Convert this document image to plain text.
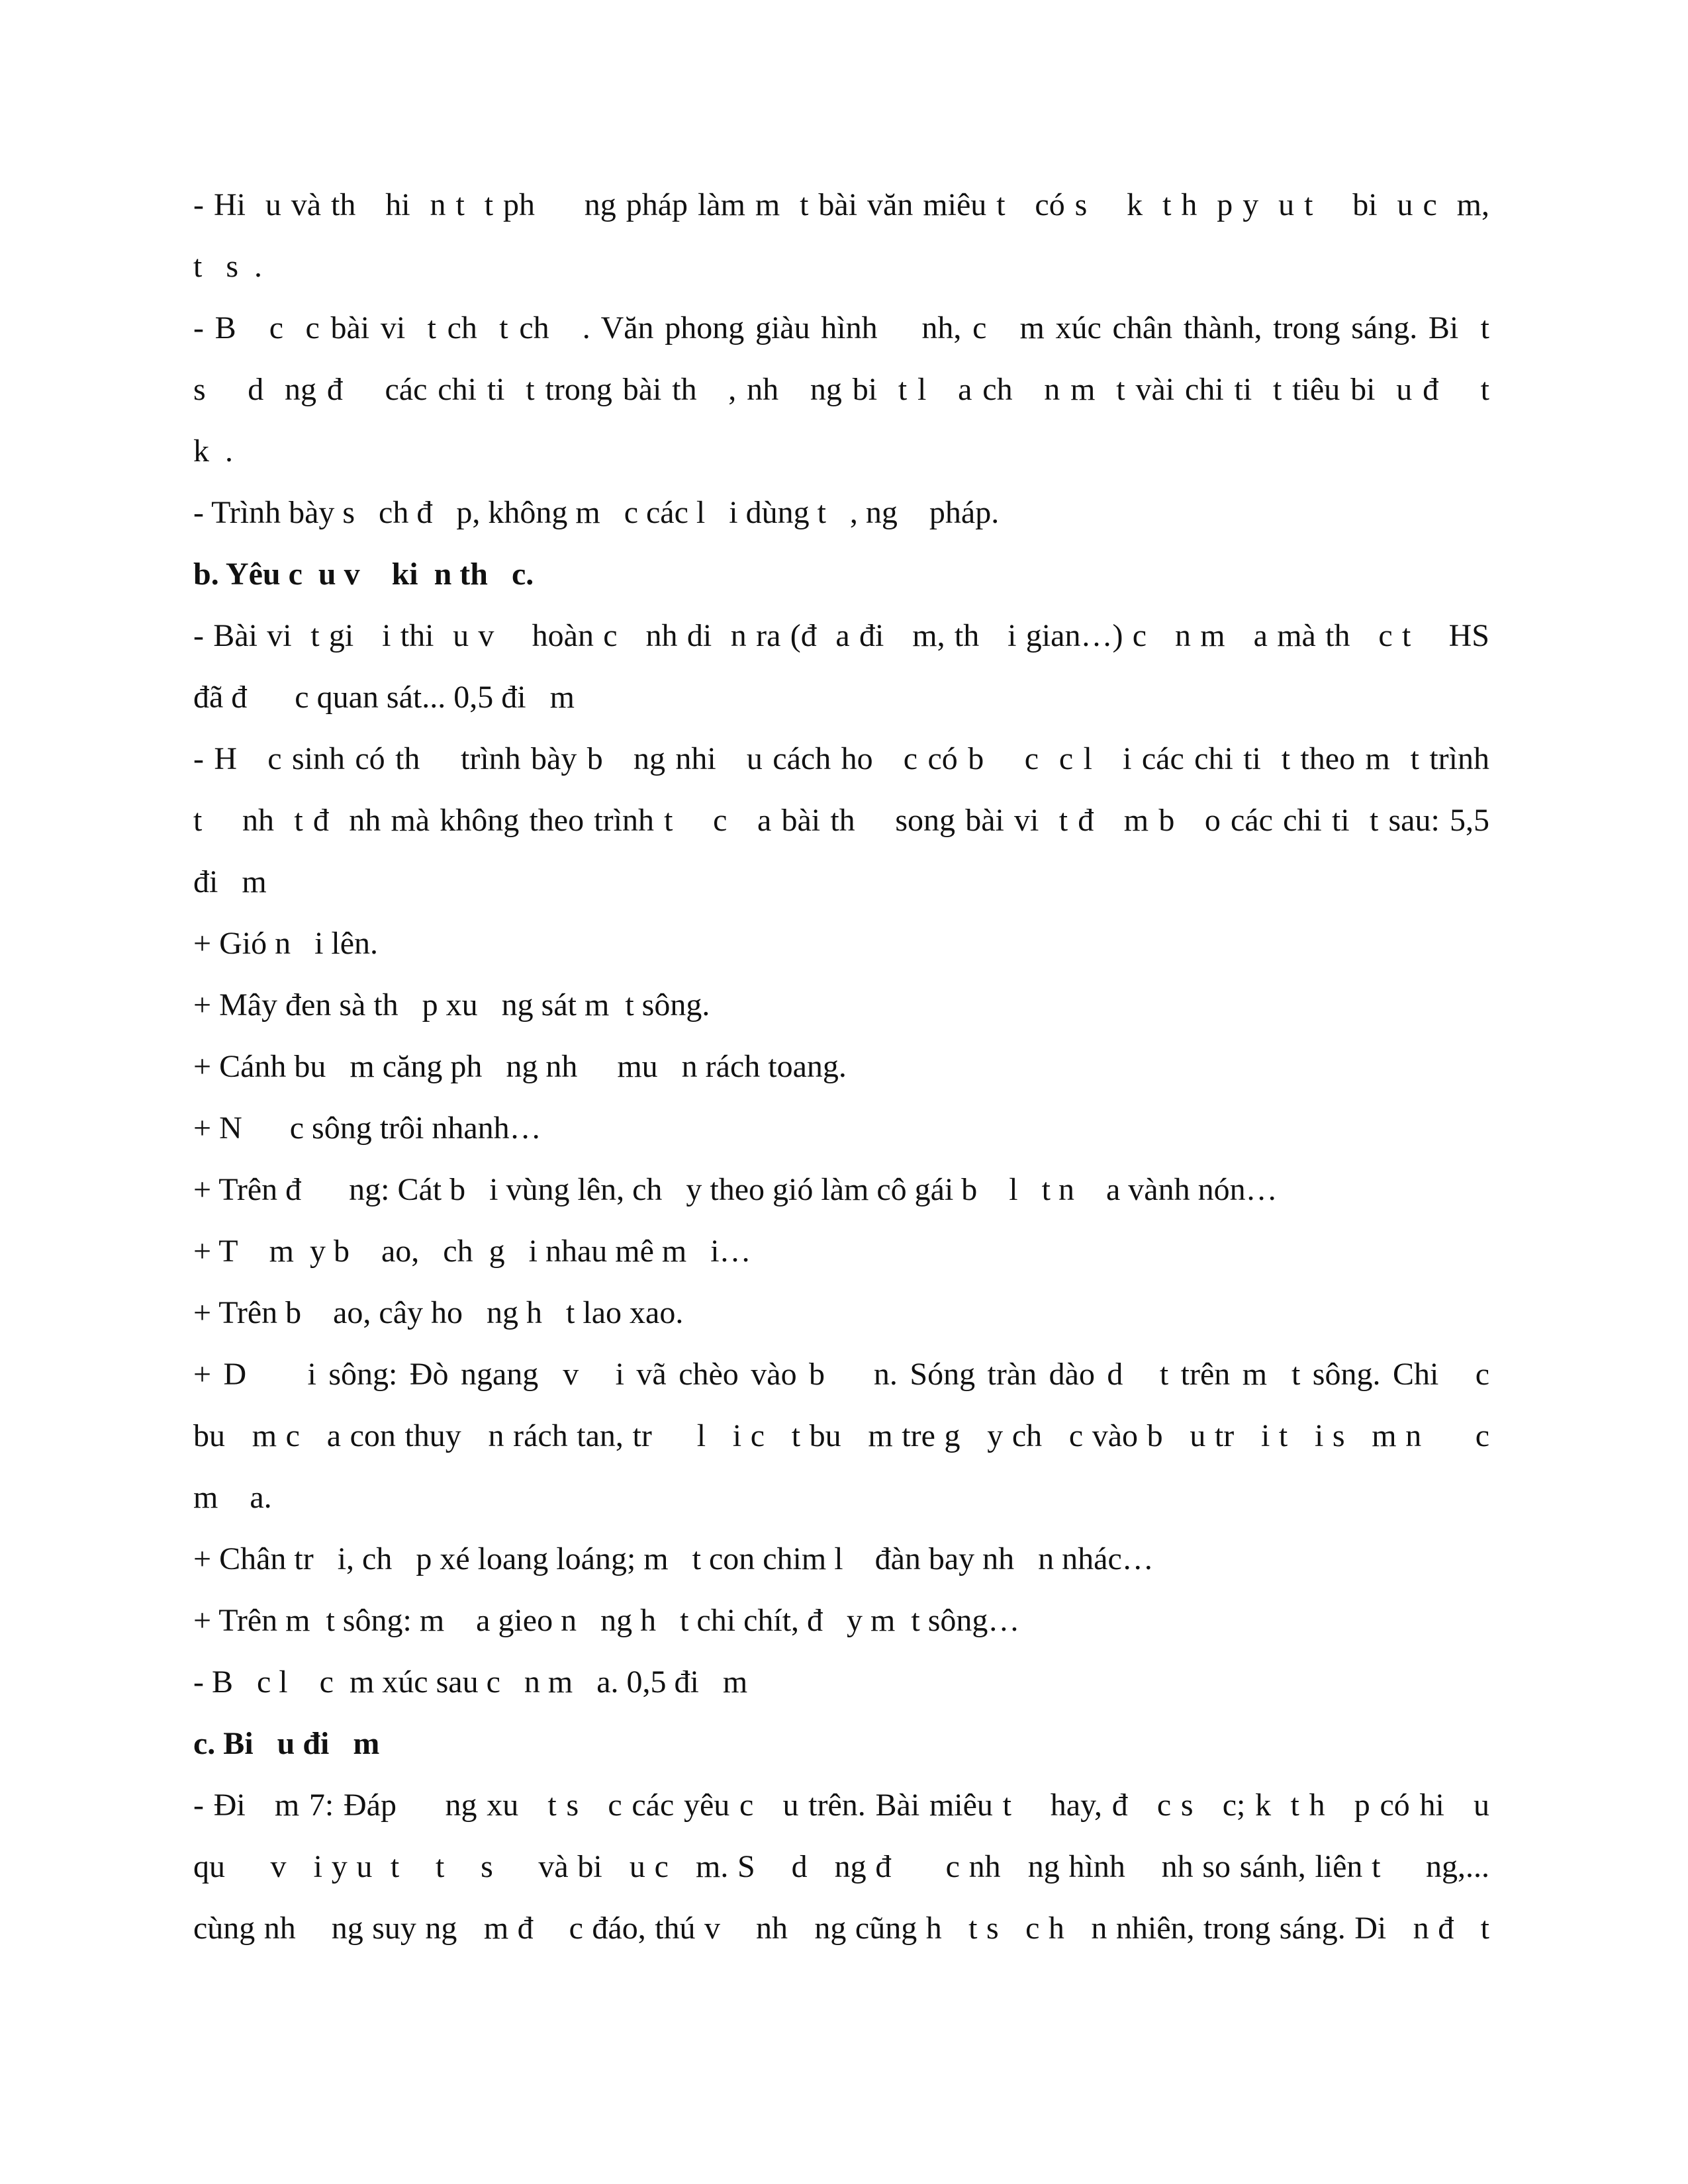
- Hi  u và th   hi  n t  t ph     ng pháp làm m  t bài văn miêu t   có s    k  t h  p y  u t    bi  u c  m,
t   s  .
- B   c  c bài vi  t ch  t ch   . Văn phong giàu hình    nh, c   m xúc chân thành, trong sáng. Bi  t
s    d  ng đ    các chi ti  t trong bài th   , nh   ng bi  t l   a ch   n m  t vài chi ti  t tiêu bi  u đ    t
k  .
- Trình bày s   ch đ   p, không m   c các l   i dùng t   , ng    pháp.
b. Yêu c  u v    ki  n th   c.
- Bài vi  t gi   i thi  u v    hoàn c   nh di  n ra (đ  a đi   m, th   i gian…) c   n m   a mà th   c t    HS
đã đ      c quan sát... 0,5 đi   m
- H   c sinh có th    trình bày b   ng nhi   u cách ho   c có b    c  c l   i các chi ti  t theo m  t trình
t    nh  t đ  nh mà không theo trình t    c   a bài th    song bài vi  t đ   m b   o các chi ti  t sau: 5,5
đi   m
+ Gió n   i lên.
+ Mây đen sà th   p xu   ng sát m  t sông.
+ Cánh bu   m căng ph   ng nh     mu   n rách toang.
+ N      c sông trôi nhanh…
+ Trên đ      ng: Cát b   i vùng lên, ch   y theo gió làm cô gái b    l   t n    a vành nón…
+ T    m  y b    ao,   ch  g   i nhau mê m   i…
+ Trên b    ao, cây ho   ng h   t lao xao.
+ D     i sông: Đò ngang  v   i vã chèo vào b    n. Sóng tràn dào d   t trên m  t sông. Chi   c
bu   m c   a con thuy   n rách tan, tr     l   i c   t bu   m tre g   y ch   c vào b   u tr   i t   i s   m n      c
m    a.
+ Chân tr   i, ch   p xé loang loáng; m   t con chim l    đàn bay nh   n nhác…
+ Trên m  t sông: m    a gieo n   ng h   t chi chít, đ   y m  t sông…
- B   c l    c  m xúc sau c   n m   a. 0,5 đi   m
c. Bi   u đi   m
- Đi   m 7: Đáp     ng xu   t s   c các yêu c   u trên. Bài miêu t    hay, đ   c s   c; k  t h   p có hi   u
qu     v   i y u  t    t    s     và bi   u c   m. S    d   ng đ      c nh   ng hình    nh so sánh, liên t     ng,...
cùng nh    ng suy ng   m đ    c đáo, thú v    nh   ng cũng h   t s   c h   n nhiên, trong sáng. Di   n đ   t
